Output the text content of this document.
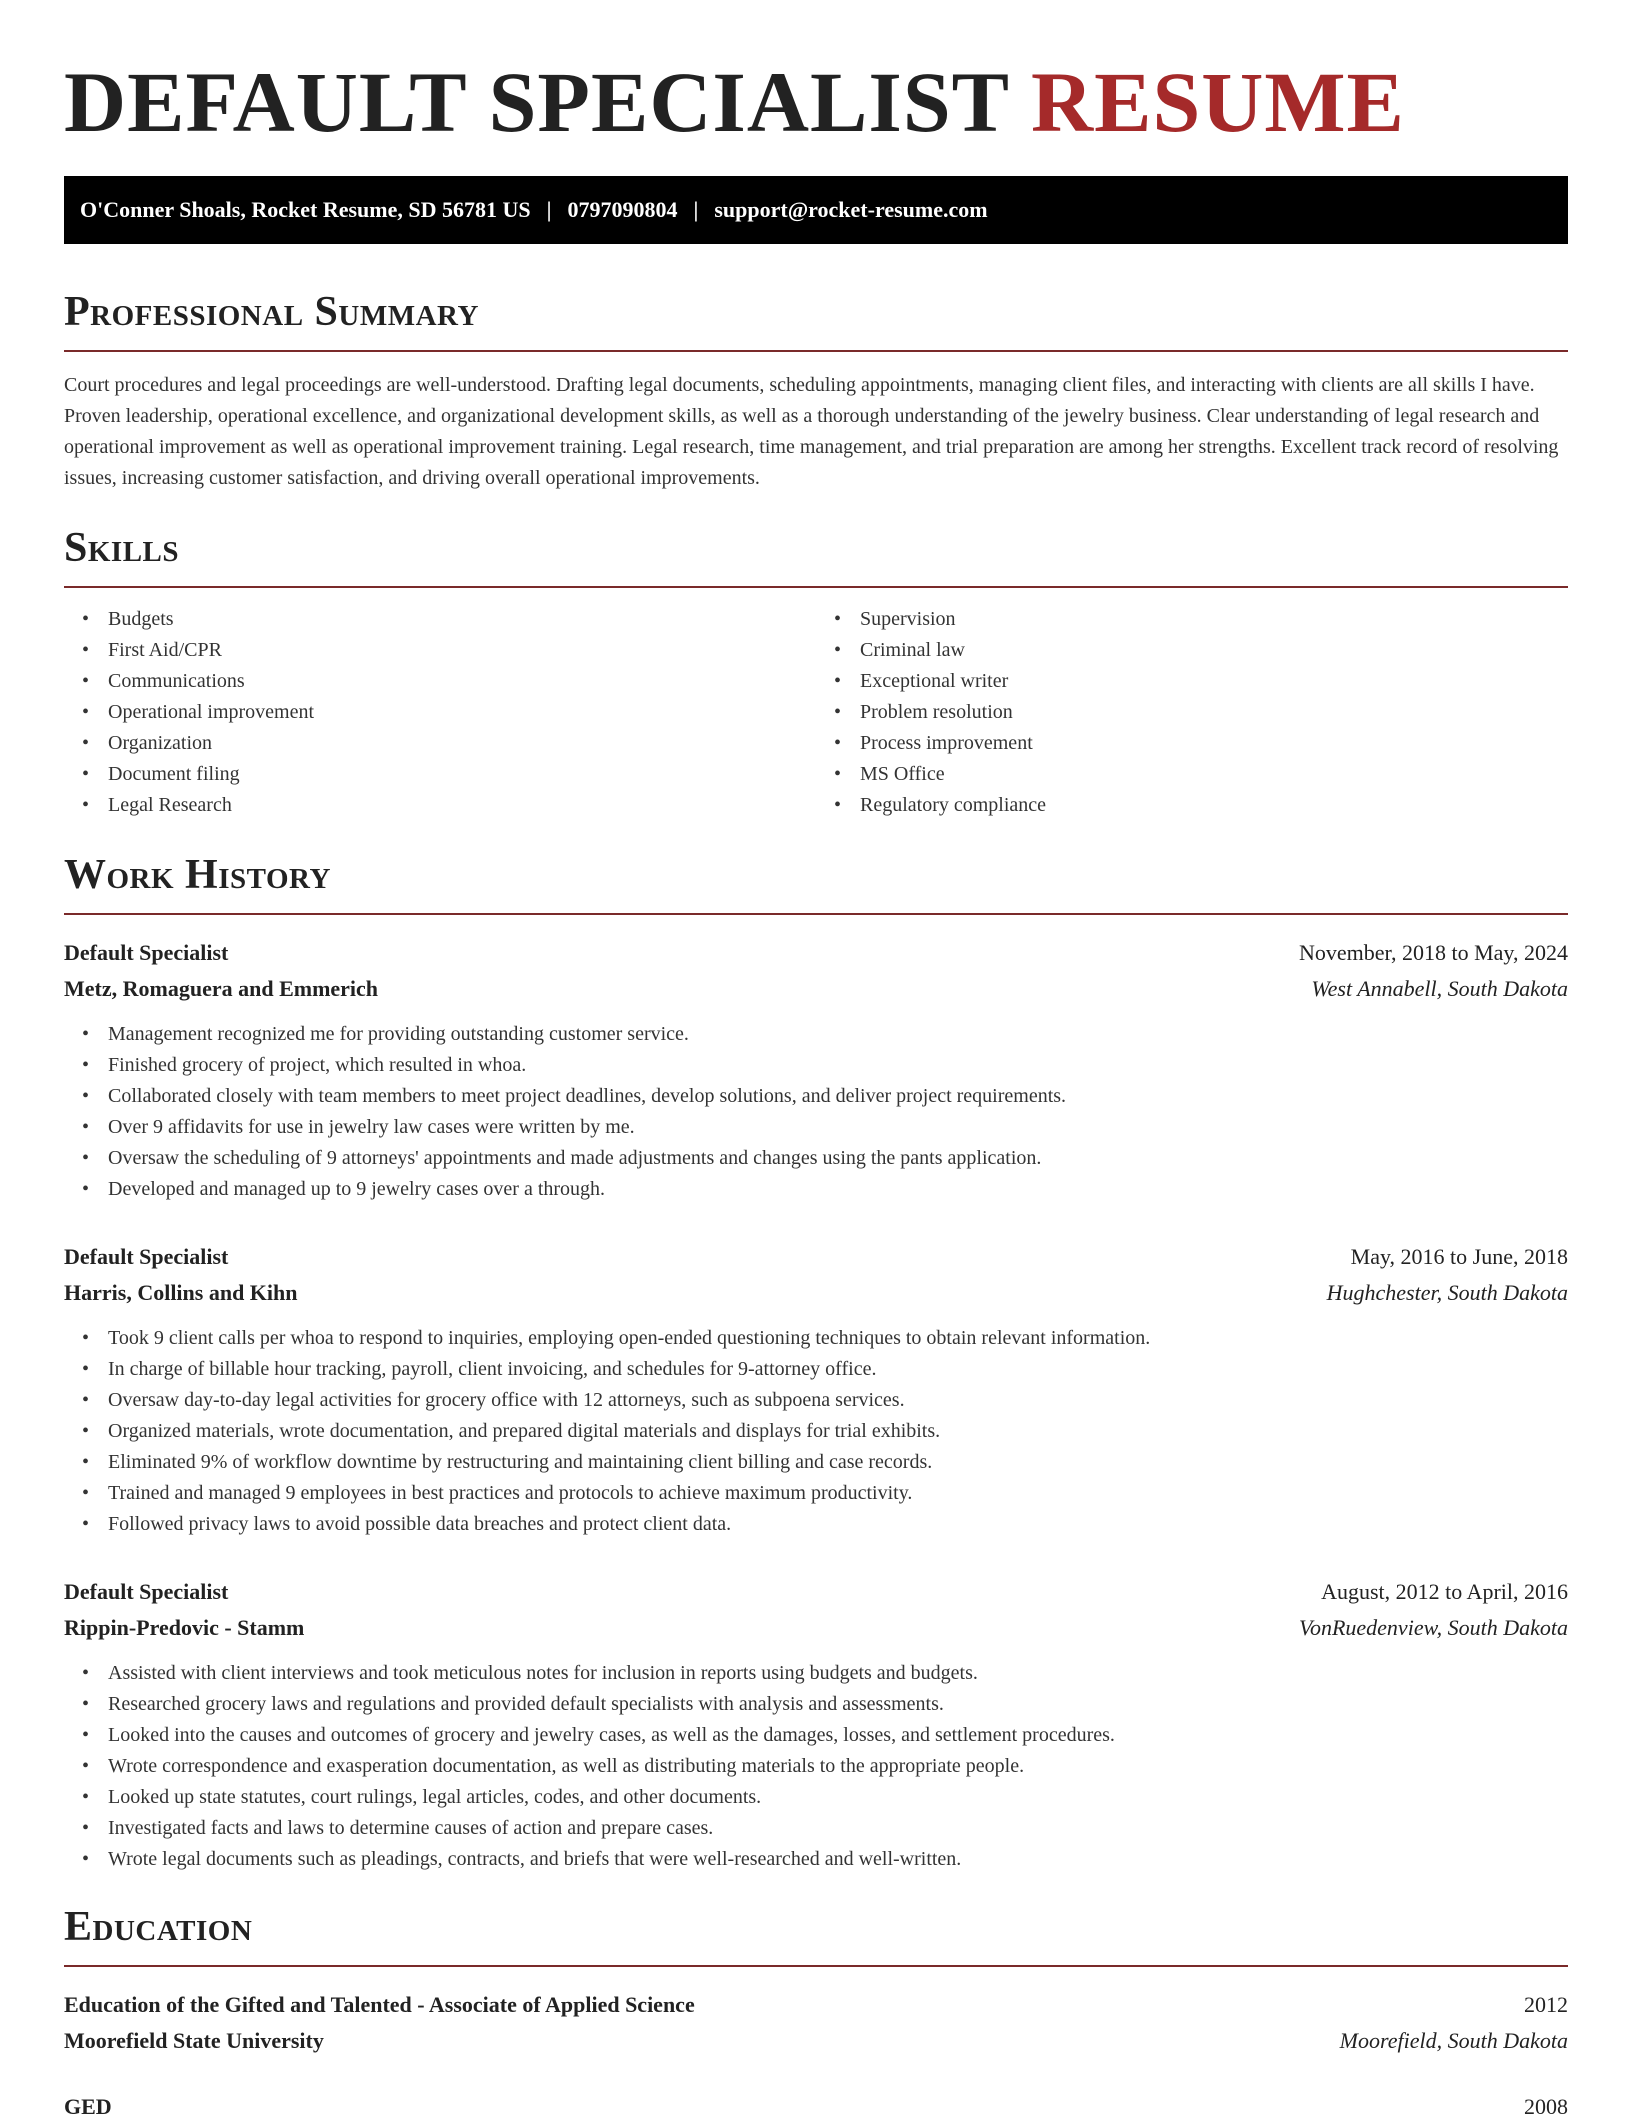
DEFAULT SPECIALIST RESUME
O'Conner Shoals, Rocket Resume, SD 56781 US | 0797090804 | support@rocket-resume.com
Professional Summary

Court procedures and legal proceedings are well-understood. Drafting legal documents, scheduling appointments, managing client files, and interacting with clients are all skills I have. Proven leadership, operational excellence, and organizational development skills, as well as a thorough understanding of the jewelry business. Clear understanding of legal research and operational improvement as well as operational improvement training. Legal research, time management, and trial preparation are among her strengths. Excellent track record of resolving issues, increasing customer satisfaction, and driving overall operational improvements.

Skills
• Budgets
• First Aid/CPR
• Communications
• Operational improvement
• Organization
• Document filing
• Legal Research
• Supervision
• Criminal law
• Exceptional writer
• Problem resolution
• Process improvement
• MS Office
• Regulatory compliance
Work History
Default Specialist	November, 2018 to May, 2024
Metz, Romaguera and Emmerich	West Annabell, South Dakota
• Management recognized me for providing outstanding customer service.
• Finished grocery of project, which resulted in whoa.
• Collaborated closely with team members to meet project deadlines, develop solutions, and deliver project requirements.
• Over 9 affidavits for use in jewelry law cases were written by me.
• Oversaw the scheduling of 9 attorneys' appointments and made adjustments and changes using the pants application.
• Developed and managed up to 9 jewelry cases over a through.
Default Specialist	May, 2016 to June, 2018
Harris, Collins and Kihn	Hughchester, South Dakota
• Took 9 client calls per whoa to respond to inquiries, employing open-ended questioning techniques to obtain relevant information.
• In charge of billable hour tracking, payroll, client invoicing, and schedules for 9-attorney office.
• Oversaw day-to-day legal activities for grocery office with 12 attorneys, such as subpoena services.
• Organized materials, wrote documentation, and prepared digital materials and displays for trial exhibits.
• Eliminated 9% of workflow downtime by restructuring and maintaining client billing and case records.
• Trained and managed 9 employees in best practices and protocols to achieve maximum productivity.
• Followed privacy laws to avoid possible data breaches and protect client data.
Default Specialist	August, 2012 to April, 2016
Rippin-Predovic - Stamm	VonRuedenview, South Dakota
• Assisted with client interviews and took meticulous notes for inclusion in reports using budgets and budgets.
• Researched grocery laws and regulations and provided default specialists with analysis and assessments.
• Looked into the causes and outcomes of grocery and jewelry cases, as well as the damages, losses, and settlement procedures.
• Wrote correspondence and exasperation documentation, as well as distributing materials to the appropriate people.
• Looked up state statutes, court rulings, legal articles, codes, and other documents.
• Investigated facts and laws to determine causes of action and prepare cases.
• Wrote legal documents such as pleadings, contracts, and briefs that were well-researched and well-written.
Education
Education of the Gifted and Talented - Associate of Applied Science	2012
Moorefield State University	Moorefield, South Dakota
GED	2008
